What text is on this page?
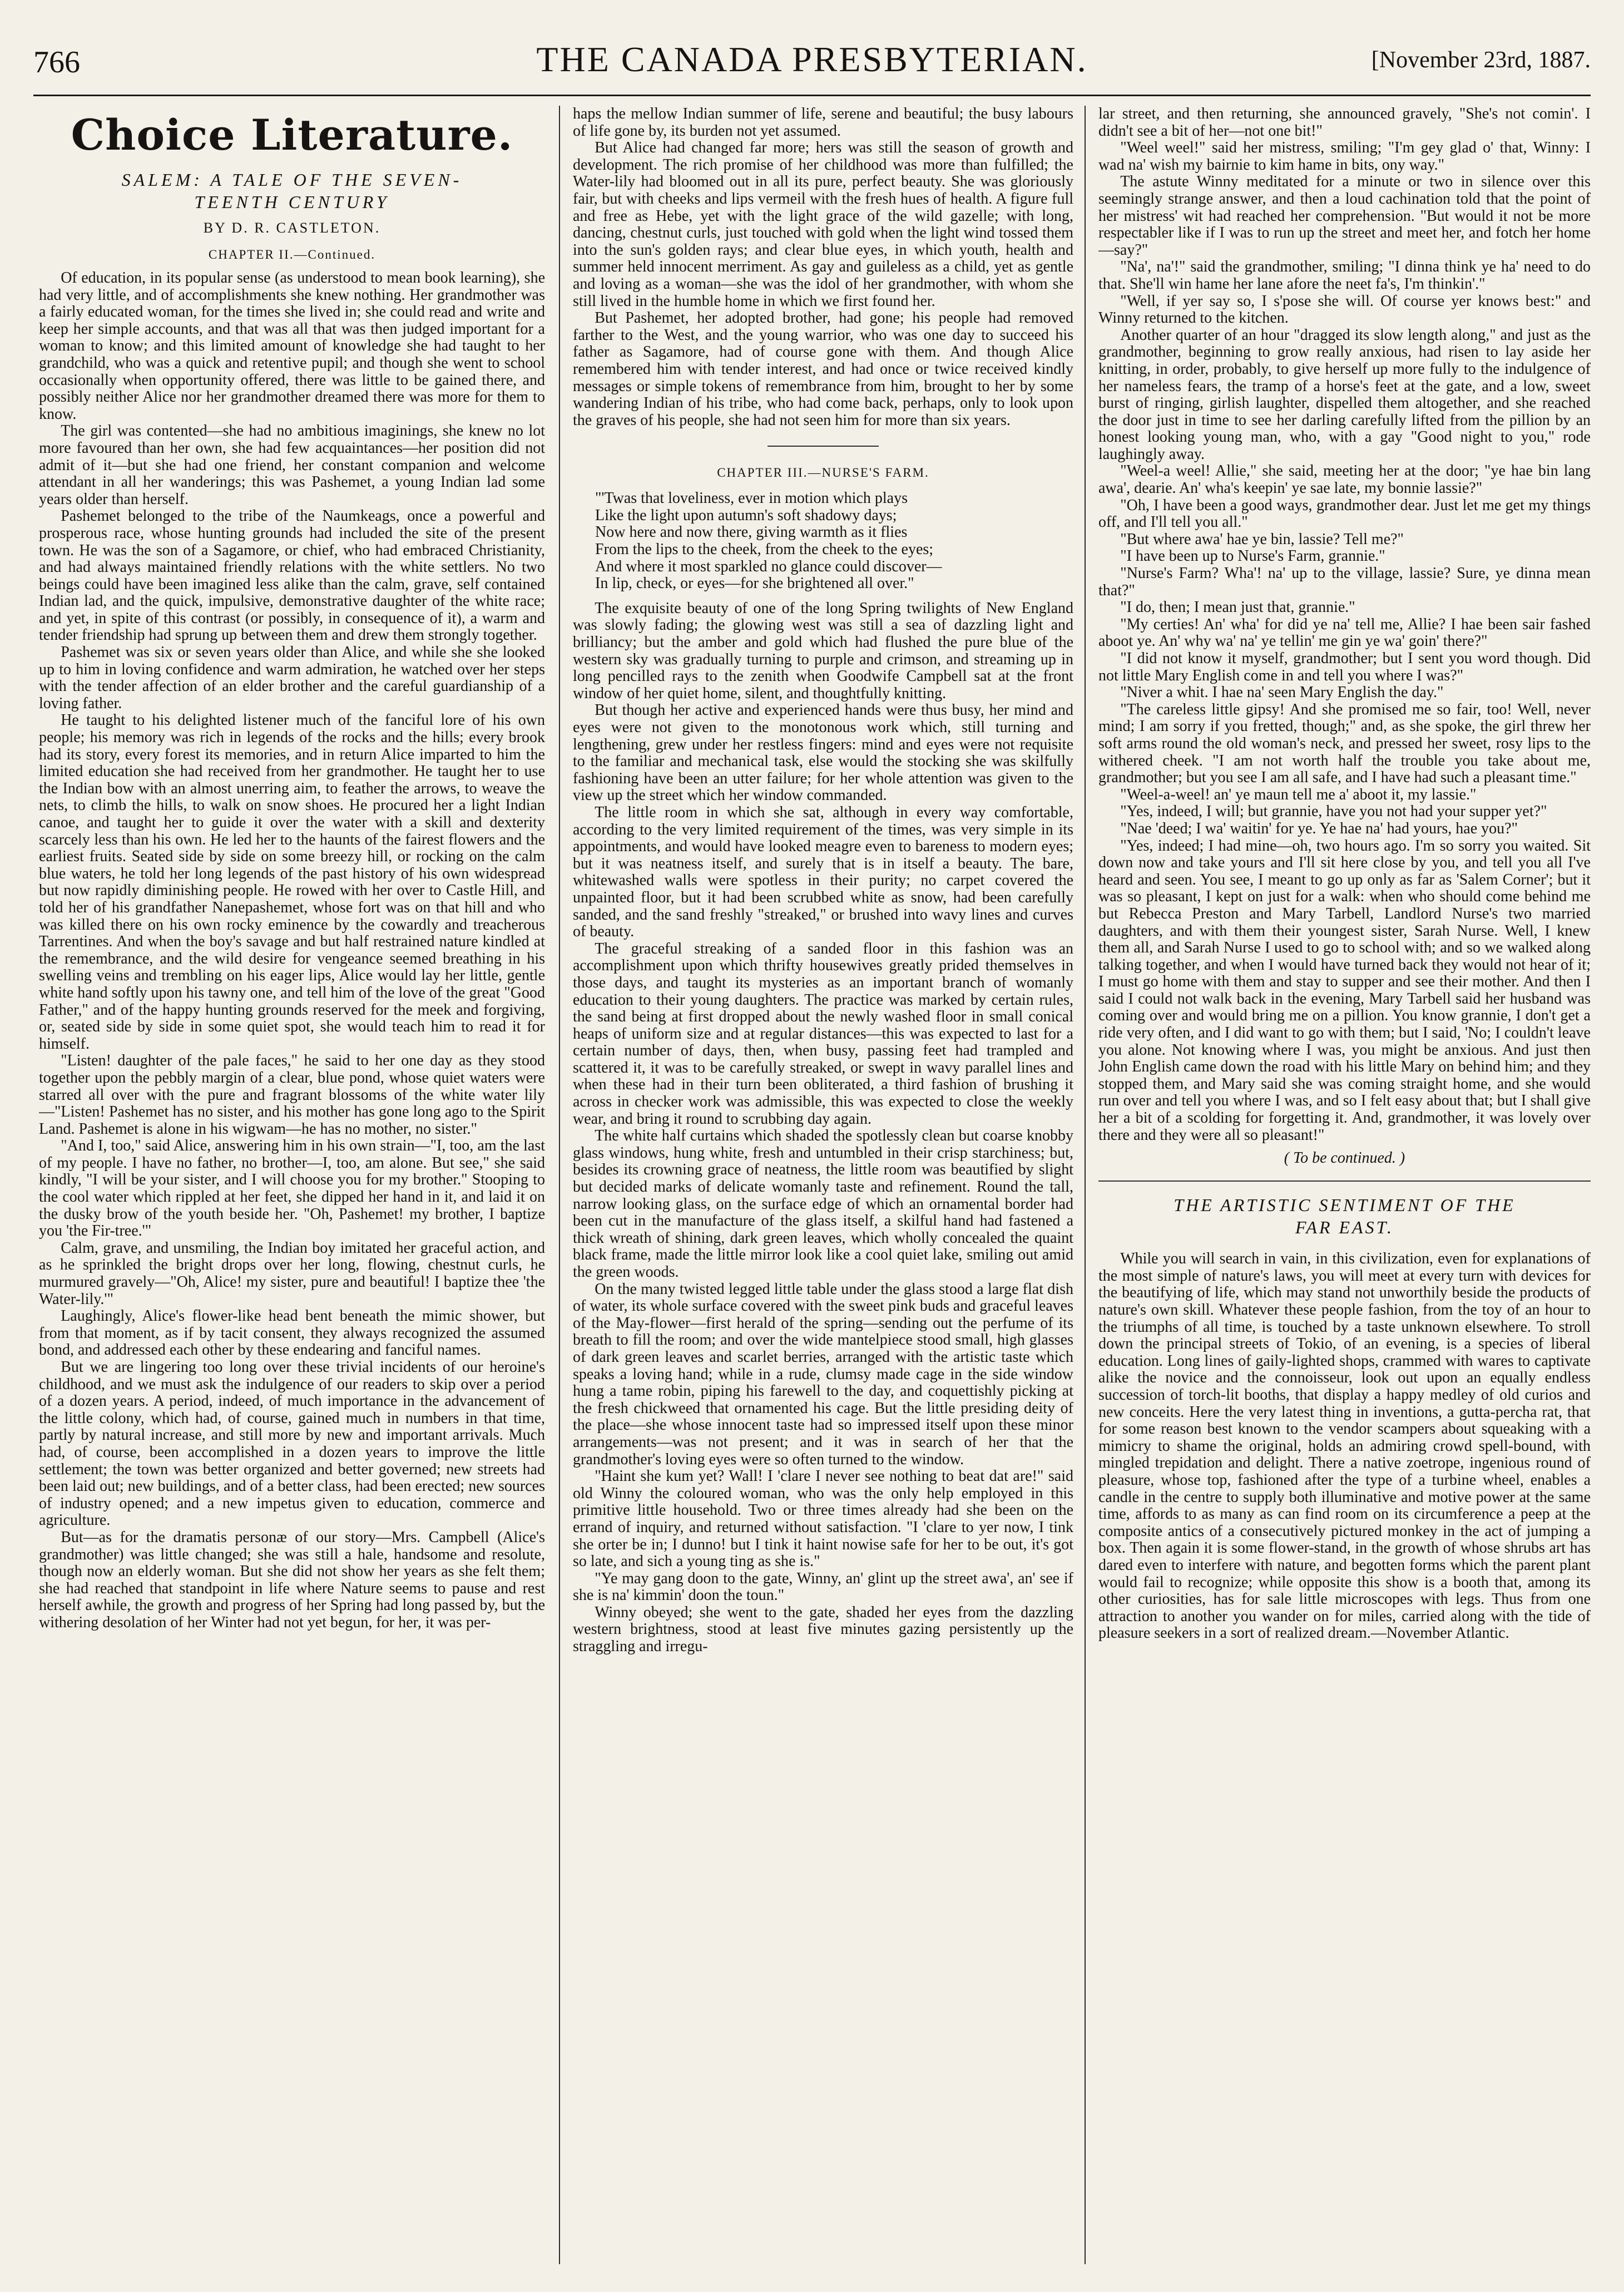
766	THE CANADA PRESBYTERIAN.	[November 23rd, 1887.
Choice Literature.
SALEM: A TALE OF THE SEVEN-
TEENTH CENTURY
BY D. R. CASTLETON.
CHAPTER II.—Continued.

Of education, in its popular sense (as understood to mean book learning), she had very little, and of accomplishments she knew nothing. Her grandmother was a fairly educated woman, for the times she lived in; she could read and write and keep her simple accounts, and that was all that was then judged important for a woman to know; and this limited amount of knowledge she had taught to her grandchild, who was a quick and retentive pupil; and though she went to school occasionally when opportunity offered, there was little to be gained there, and possibly neither Alice nor her grandmother dreamed there was more for them to know.

The girl was contented—she had no ambitious imaginings, she knew no lot more favoured than her own, she had few acquaintances—her position did not admit of it—but she had one friend, her constant companion and welcome attendant in all her wanderings; this was Pashemet, a young Indian lad some years older than herself.

Pashemet belonged to the tribe of the Naumkeags, once a powerful and prosperous race, whose hunting grounds had included the site of the present town. He was the son of a Sagamore, or chief, who had embraced Christianity, and had always maintained friendly relations with the white settlers. No two beings could have been imagined less alike than the calm, grave, self contained Indian lad, and the quick, impulsive, demonstrative daughter of the white race; and yet, in spite of this contrast (or possibly, in consequence of it), a warm and tender friendship had sprung up between them and drew them strongly together.

Pashemet was six or seven years older than Alice, and while she she looked up to him in loving confidence and warm admiration, he watched over her steps with the tender affection of an elder brother and the careful guardianship of a loving father.

He taught to his delighted listener much of the fanciful lore of his own people; his memory was rich in legends of the rocks and the hills; every brook had its story, every forest its memories, and in return Alice imparted to him the limited education she had received from her grandmother. He taught her to use the Indian bow with an almost unerring aim, to feather the arrows, to weave the nets, to climb the hills, to walk on snow shoes. He procured her a light Indian canoe, and taught her to guide it over the water with a skill and dexterity scarcely less than his own. He led her to the haunts of the fairest flowers and the earliest fruits. Seated side by side on some breezy hill, or rocking on the calm blue waters, he told her long legends of the past history of his own widespread but now rapidly diminishing people. He rowed with her over to Castle Hill, and told her of his grandfather Nanepashemet, whose fort was on that hill and who was killed there on his own rocky eminence by the cowardly and treacherous Tarrentines. And when the boy's savage and but half restrained nature kindled at the remembrance, and the wild desire for vengeance seemed breathing in his swelling veins and trembling on his eager lips, Alice would lay her little, gentle white hand softly upon his tawny one, and tell him of the love of the great "Good Father," and of the happy hunting grounds reserved for the meek and forgiving, or, seated side by side in some quiet spot, she would teach him to read it for himself.

"Listen! daughter of the pale faces," he said to her one day as they stood together upon the pebbly margin of a clear, blue pond, whose quiet waters were starred all over with the pure and fragrant blossoms of the white water lily—"Listen! Pashemet has no sister, and his mother has gone long ago to the Spirit Land. Pashemet is alone in his wigwam—he has no mother, no sister."

"And I, too," said Alice, answering him in his own strain—"I, too, am the last of my people. I have no father, no brother—I, too, am alone. But see," she said kindly, "I will be your sister, and I will choose you for my brother." Stooping to the cool water which rippled at her feet, she dipped her hand in it, and laid it on the dusky brow of the youth beside her. "Oh, Pashemet! my brother, I baptize you 'the Fir-tree.'"

Calm, grave, and unsmiling, the Indian boy imitated her graceful action, and as he sprinkled the bright drops over her long, flowing, chestnut curls, he murmured gravely—"Oh, Alice! my sister, pure and beautiful! I baptize thee 'the Water-lily.'"

Laughingly, Alice's flower-like head bent beneath the mimic shower, but from that moment, as if by tacit consent, they always recognized the assumed bond, and addressed each other by these endearing and fanciful names.

But we are lingering too long over these trivial incidents of our heroine's childhood, and we must ask the indulgence of our readers to skip over a period of a dozen years. A period, indeed, of much importance in the advancement of the little colony, which had, of course, gained much in numbers in that time, partly by natural increase, and still more by new and important arrivals. Much had, of course, been accomplished in a dozen years to improve the little settlement; the town was better organized and better governed; new streets had been laid out; new buildings, and of a better class, had been erected; new sources of industry opened; and a new impetus given to education, commerce and agriculture.

But—as for the dramatis personæ of our story—Mrs. Campbell (Alice's grandmother) was little changed; she was still a hale, handsome and resolute, though now an elderly woman. But she did not show her years as she felt them; she had reached that standpoint in life where Nature seems to pause and rest herself awhile, the growth and progress of her Spring had long passed by, but the withering desolation of her Winter had not yet begun, for her, it was per-

haps the mellow Indian summer of life, serene and beautiful; the busy labours of life gone by, its burden not yet assumed.

But Alice had changed far more; hers was still the season of growth and development. The rich promise of her childhood was more than fulfilled; the Water-lily had bloomed out in all its pure, perfect beauty. She was gloriously fair, but with cheeks and lips vermeil with the fresh hues of health. A figure full and free as Hebe, yet with the light grace of the wild gazelle; with long, dancing, chestnut curls, just touched with gold when the light wind tossed them into the sun's golden rays; and clear blue eyes, in which youth, health and summer held innocent merriment. As gay and guileless as a child, yet as gentle and loving as a woman—she was the idol of her grandmother, with whom she still lived in the humble home in which we first found her.

But Pashemet, her adopted brother, had gone; his people had removed farther to the West, and the young warrior, who was one day to succeed his father as Sagamore, had of course gone with them. And though Alice remembered him with tender interest, and had once or twice received kindly messages or simple tokens of remembrance from him, brought to her by some wandering Indian of his tribe, who had come back, perhaps, only to look upon the graves of his people, she had not seen him for more than six years.

CHAPTER III.—NURSE'S FARM.
"'Twas that loveliness, ever in motion which plays
Like the light upon autumn's soft shadowy days;
Now here and now there, giving warmth as it flies
From the lips to the cheek, from the cheek to the eyes;
And where it most sparkled no glance could discover—
In lip, check, or eyes—for she brightened all over."

The exquisite beauty of one of the long Spring twilights of New England was slowly fading; the glowing west was still a sea of dazzling light and brilliancy; but the amber and gold which had flushed the pure blue of the western sky was gradually turning to purple and crimson, and streaming up in long pencilled rays to the zenith when Goodwife Campbell sat at the front window of her quiet home, silent, and thoughtfully knitting.

But though her active and experienced hands were thus busy, her mind and eyes were not given to the monotonous work which, still turning and lengthening, grew under her restless fingers: mind and eyes were not requisite to the familiar and mechanical task, else would the stocking she was skilfully fashioning have been an utter failure; for her whole attention was given to the view up the street which her window commanded.

The little room in which she sat, although in every way comfortable, according to the very limited requirement of the times, was very simple in its appointments, and would have looked meagre even to bareness to modern eyes; but it was neatness itself, and surely that is in itself a beauty. The bare, whitewashed walls were spotless in their purity; no carpet covered the unpainted floor, but it had been scrubbed white as snow, had been carefully sanded, and the sand freshly "streaked," or brushed into wavy lines and curves of beauty.

The graceful streaking of a sanded floor in this fashion was an accomplishment upon which thrifty housewives greatly prided themselves in those days, and taught its mysteries as an important branch of womanly education to their young daughters. The practice was marked by certain rules, the sand being at first dropped about the newly washed floor in small conical heaps of uniform size and at regular distances—this was expected to last for a certain number of days, then, when busy, passing feet had trampled and scattered it, it was to be carefully streaked, or swept in wavy parallel lines and when these had in their turn been obliterated, a third fashion of brushing it across in checker work was admissible, this was expected to close the weekly wear, and bring it round to scrubbing day again.

The white half curtains which shaded the spotlessly clean but coarse knobby glass windows, hung white, fresh and untumbled in their crisp starchiness; but, besides its crowning grace of neatness, the little room was beautified by slight but decided marks of delicate womanly taste and refinement. Round the tall, narrow looking glass, on the surface edge of which an ornamental border had been cut in the manufacture of the glass itself, a skilful hand had fastened a thick wreath of shining, dark green leaves, which wholly concealed the quaint black frame, made the little mirror look like a cool quiet lake, smiling out amid the green woods.

On the many twisted legged little table under the glass stood a large flat dish of water, its whole surface covered with the sweet pink buds and graceful leaves of the May-flower—first herald of the spring—sending out the perfume of its breath to fill the room; and over the wide mantelpiece stood small, high glasses of dark green leaves and scarlet berries, arranged with the artistic taste which speaks a loving hand; while in a rude, clumsy made cage in the side window hung a tame robin, piping his farewell to the day, and coquettishly picking at the fresh chickweed that ornamented his cage. But the little presiding deity of the place—she whose innocent taste had so impressed itself upon these minor arrangements—was not present; and it was in search of her that the grandmother's loving eyes were so often turned to the window.

"Haint she kum yet? Wall! I 'clare I never see nothing to beat dat are!" said old Winny the coloured woman, who was the only help employed in this primitive little household. Two or three times already had she been on the errand of inquiry, and returned without satisfaction. "I 'clare to yer now, I tink she orter be in; I dunno! but I tink it haint nowise safe for her to be out, it's got so late, and sich a young ting as she is."

"Ye may gang doon to the gate, Winny, an' glint up the street awa', an' see if she is na' kimmin' doon the toun."

Winny obeyed; she went to the gate, shaded her eyes from the dazzling western brightness, stood at least five minutes gazing persistently up the straggling and irregu-

lar street, and then returning, she announced gravely, "She's not comin'. I didn't see a bit of her—not one bit!"

"Weel weel!" said her mistress, smiling; "I'm gey glad o' that, Winny: I wad na' wish my bairnie to kim hame in bits, ony way."

The astute Winny meditated for a minute or two in silence over this seemingly strange answer, and then a loud cachination told that the point of her mistress' wit had reached her comprehension. "But would it not be more respectabler like if I was to run up the street and meet her, and fotch her home—say?"

"Na', na'!" said the grandmother, smiling; "I dinna think ye ha' need to do that. She'll win hame her lane afore the neet fa's, I'm thinkin'."

"Well, if yer say so, I s'pose she will. Of course yer knows best:" and Winny returned to the kitchen.

Another quarter of an hour "dragged its slow length along," and just as the grandmother, beginning to grow really anxious, had risen to lay aside her knitting, in order, probably, to give herself up more fully to the indulgence of her nameless fears, the tramp of a horse's feet at the gate, and a low, sweet burst of ringing, girlish laughter, dispelled them altogether, and she reached the door just in time to see her darling carefully lifted from the pillion by an honest looking young man, who, with a gay "Good night to you," rode laughingly away.

"Weel-a weel! Allie," she said, meeting her at the door; "ye hae bin lang awa', dearie. An' wha's keepin' ye sae late, my bonnie lassie?"

"Oh, I have been a good ways, grandmother dear. Just let me get my things off, and I'll tell you all."

"But where awa' hae ye bin, lassie? Tell me?"

"I have been up to Nurse's Farm, grannie."

"Nurse's Farm? Wha'! na' up to the village, lassie? Sure, ye dinna mean that?"

"I do, then; I mean just that, grannie."

"My certies! An' wha' for did ye na' tell me, Allie? I hae been sair fashed aboot ye. An' why wa' na' ye tellin' me gin ye wa' goin' there?"

"I did not know it myself, grandmother; but I sent you word though. Did not little Mary English come in and tell you where I was?"

"Niver a whit. I hae na' seen Mary English the day."

"The careless little gipsy! And she promised me so fair, too! Well, never mind; I am sorry if you fretted, though;" and, as she spoke, the girl threw her soft arms round the old woman's neck, and pressed her sweet, rosy lips to the withered cheek. "I am not worth half the trouble you take about me, grandmother; but you see I am all safe, and I have had such a pleasant time."

"Weel-a-weel! an' ye maun tell me a' aboot it, my lassie."

"Yes, indeed, I will; but grannie, have you not had your supper yet?"

"Nae 'deed; I wa' waitin' for ye. Ye hae na' had yours, hae you?"

"Yes, indeed; I had mine—oh, two hours ago. I'm so sorry you waited. Sit down now and take yours and I'll sit here close by you, and tell you all I've heard and seen. You see, I meant to go up only as far as 'Salem Corner'; but it was so pleasant, I kept on just for a walk: when who should come behind me but Rebecca Preston and Mary Tarbell, Landlord Nurse's two married daughters, and with them their youngest sister, Sarah Nurse. Well, I knew them all, and Sarah Nurse I used to go to school with; and so we walked along talking together, and when I would have turned back they would not hear of it; I must go home with them and stay to supper and see their mother. And then I said I could not walk back in the evening, Mary Tarbell said her husband was coming over and would bring me on a pillion. You know grannie, I don't get a ride very often, and I did want to go with them; but I said, 'No; I couldn't leave you alone. Not knowing where I was, you might be anxious. And just then John English came down the road with his little Mary on behind him; and they stopped them, and Mary said she was coming straight home, and she would run over and tell you where I was, and so I felt easy about that; but I shall give her a bit of a scolding for forgetting it. And, grandmother, it was lovely over there and they were all so pleasant!"

( To be continued. )
THE ARTISTIC SENTIMENT OF THE
FAR EAST.

While you will search in vain, in this civilization, even for explanations of the most simple of nature's laws, you will meet at every turn with devices for the beautifying of life, which may stand not unworthily beside the products of nature's own skill. Whatever these people fashion, from the toy of an hour to the triumphs of all time, is touched by a taste unknown elsewhere. To stroll down the principal streets of Tokio, of an evening, is a species of liberal education. Long lines of gaily-lighted shops, crammed with wares to captivate alike the novice and the connoisseur, look out upon an equally endless succession of torch-lit booths, that display a happy medley of old curios and new conceits. Here the very latest thing in inventions, a gutta-percha rat, that for some reason best known to the vendor scampers about squeaking with a mimicry to shame the original, holds an admiring crowd spell-bound, with mingled trepidation and delight. There a native zoetrope, ingenious round of pleasure, whose top, fashioned after the type of a turbine wheel, enables a candle in the centre to supply both illuminative and motive power at the same time, affords to as many as can find room on its circumference a peep at the composite antics of a consecutively pictured monkey in the act of jumping a box. Then again it is some flower-stand, in the growth of whose shrubs art has dared even to interfere with nature, and begotten forms which the parent plant would fail to recognize; while opposite this show is a booth that, among its other curiosities, has for sale little microscopes with legs. Thus from one attraction to another you wander on for miles, carried along with the tide of pleasure seekers in a sort of realized dream.—November Atlantic.
